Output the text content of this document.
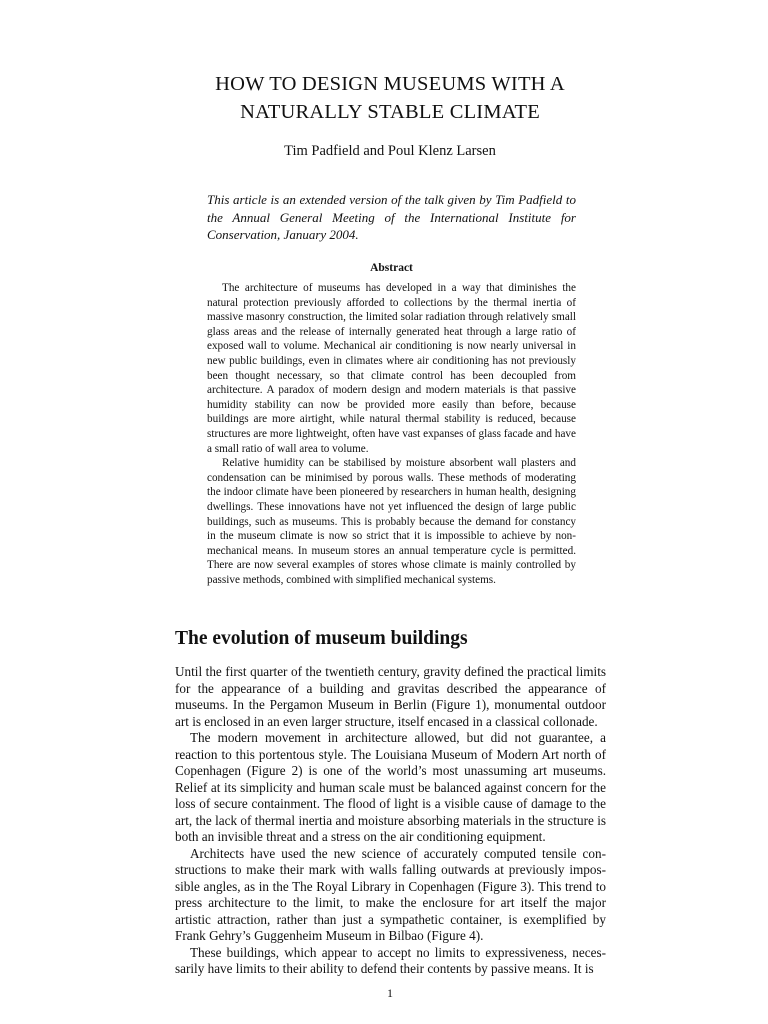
HOW TO DESIGN MUSEUMS WITH A
NATURALLY STABLE CLIMATE
Tim Padfield and Poul Klenz Larsen
This article is an extended version of the talk given by Tim Padfield to the Annual General Meeting of the International Institute for Conservation, January 2004.
Abstract

The architecture of museums has developed in a way that diminishes the natural protection previously afforded to collections by the thermal inertia of massive masonry construction, the limited solar radiation through relatively small glass areas and the release of internally generated heat through a large ratio of exposed wall to volume. Mechanical air conditioning is now nearly universal in new public buildings, even in climates where air conditioning has not previously been thought necessary, so that climate control has been decoupled from architecture. A paradox of modern design and modern materials is that passive humidity stability can now be provided more easily than before, because buildings are more airtight, while natural thermal stability is reduced, because structures are more lightweight, often have vast expanses of glass facade and have a small ratio of wall area to volume.

Relative humidity can be stabilised by moisture absorbent wall plasters and condensation can be minimised by porous walls. These methods of moderating the indoor climate have been pioneered by researchers in human health, designing dwellings. These innovations have not yet influenced the design of large public buildings, such as museums. This is probably because the demand for constancy in the museum climate is now so strict that it is impossible to achieve by non-mechanical means. In museum stores an annual temperature cycle is permitted. There are now several examples of stores whose climate is mainly controlled by passive methods, combined with simplified mechanical systems.

The evolution of museum buildings

Until the first quarter of the twentieth century, gravity defined the practical limits for the appearance of a building and gravitas described the appearance of museums. In the Pergamon Museum in Berlin (Figure 1), monumental outdoor art is enclosed in an even larger structure, itself encased in a classical collonade.

The modern movement in architecture allowed, but did not guarantee, a reaction to this portentous style. The Louisiana Museum of Modern Art north of Copenhagen (Figure 2) is one of the world’s most unassuming art museums. Relief at its simplicity and human scale must be balanced against concern for the loss of secure containment. The flood of light is a visible cause of damage to the art, the lack of thermal inertia and moisture absorbing materials in the structure is both an invisible threat and a stress on the air conditioning equipment.

Architects have used the new science of accurately computed tensile constructions to make their mark with walls falling outwards at previously impossible angles, as in the The Royal Library in Copenhagen (Figure 3). This trend to press architecture to the limit, to make the enclosure for art itself the major artistic attraction, rather than just a sympathetic container, is exemplified by Frank Gehry’s Guggenheim Museum in Bilbao (Figure 4).

These buildings, which appear to accept no limits to expressiveness, necessarily have limits to their ability to defend their contents by passive means. It is

1
